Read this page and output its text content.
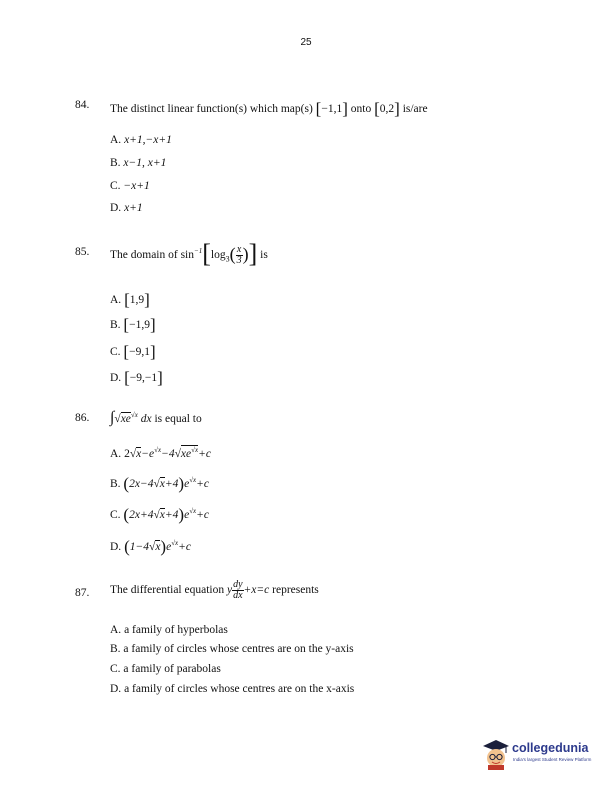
25
84. The distinct linear function(s) which map(s) [−1,1] onto [0,2] is/are
A. x+1,−x+1
B. x−1, x+1
C. −x+1
D. x+1
85. The domain of $\sin^{-1}[\log_3( \frac{x}{3}$ )] is
A. [1,9]
B. [−1,9]
C. [−9,1]
D. [−9,−1]
86. $\int√xe^{√x}$ dx is equal to
A. $2√x-e^{√x}-4√xe^{√x}+c$
B. $(2x-4√x+4)e^{√x}+c$
C. $(2x+4√x+4)e^{√x}+c$
D. $(1-4√x)e^{√x}+c$
87. The differential equation y $\frac{dy}{dx} +x=c$ represents
A. a family of hyperbolas
B. a family of circles whose centres are on the y-axis
C. a family of parabolas
D. a family of circles whose centres are on the x-axis
collegedunia
India's largest Student Review Platform
